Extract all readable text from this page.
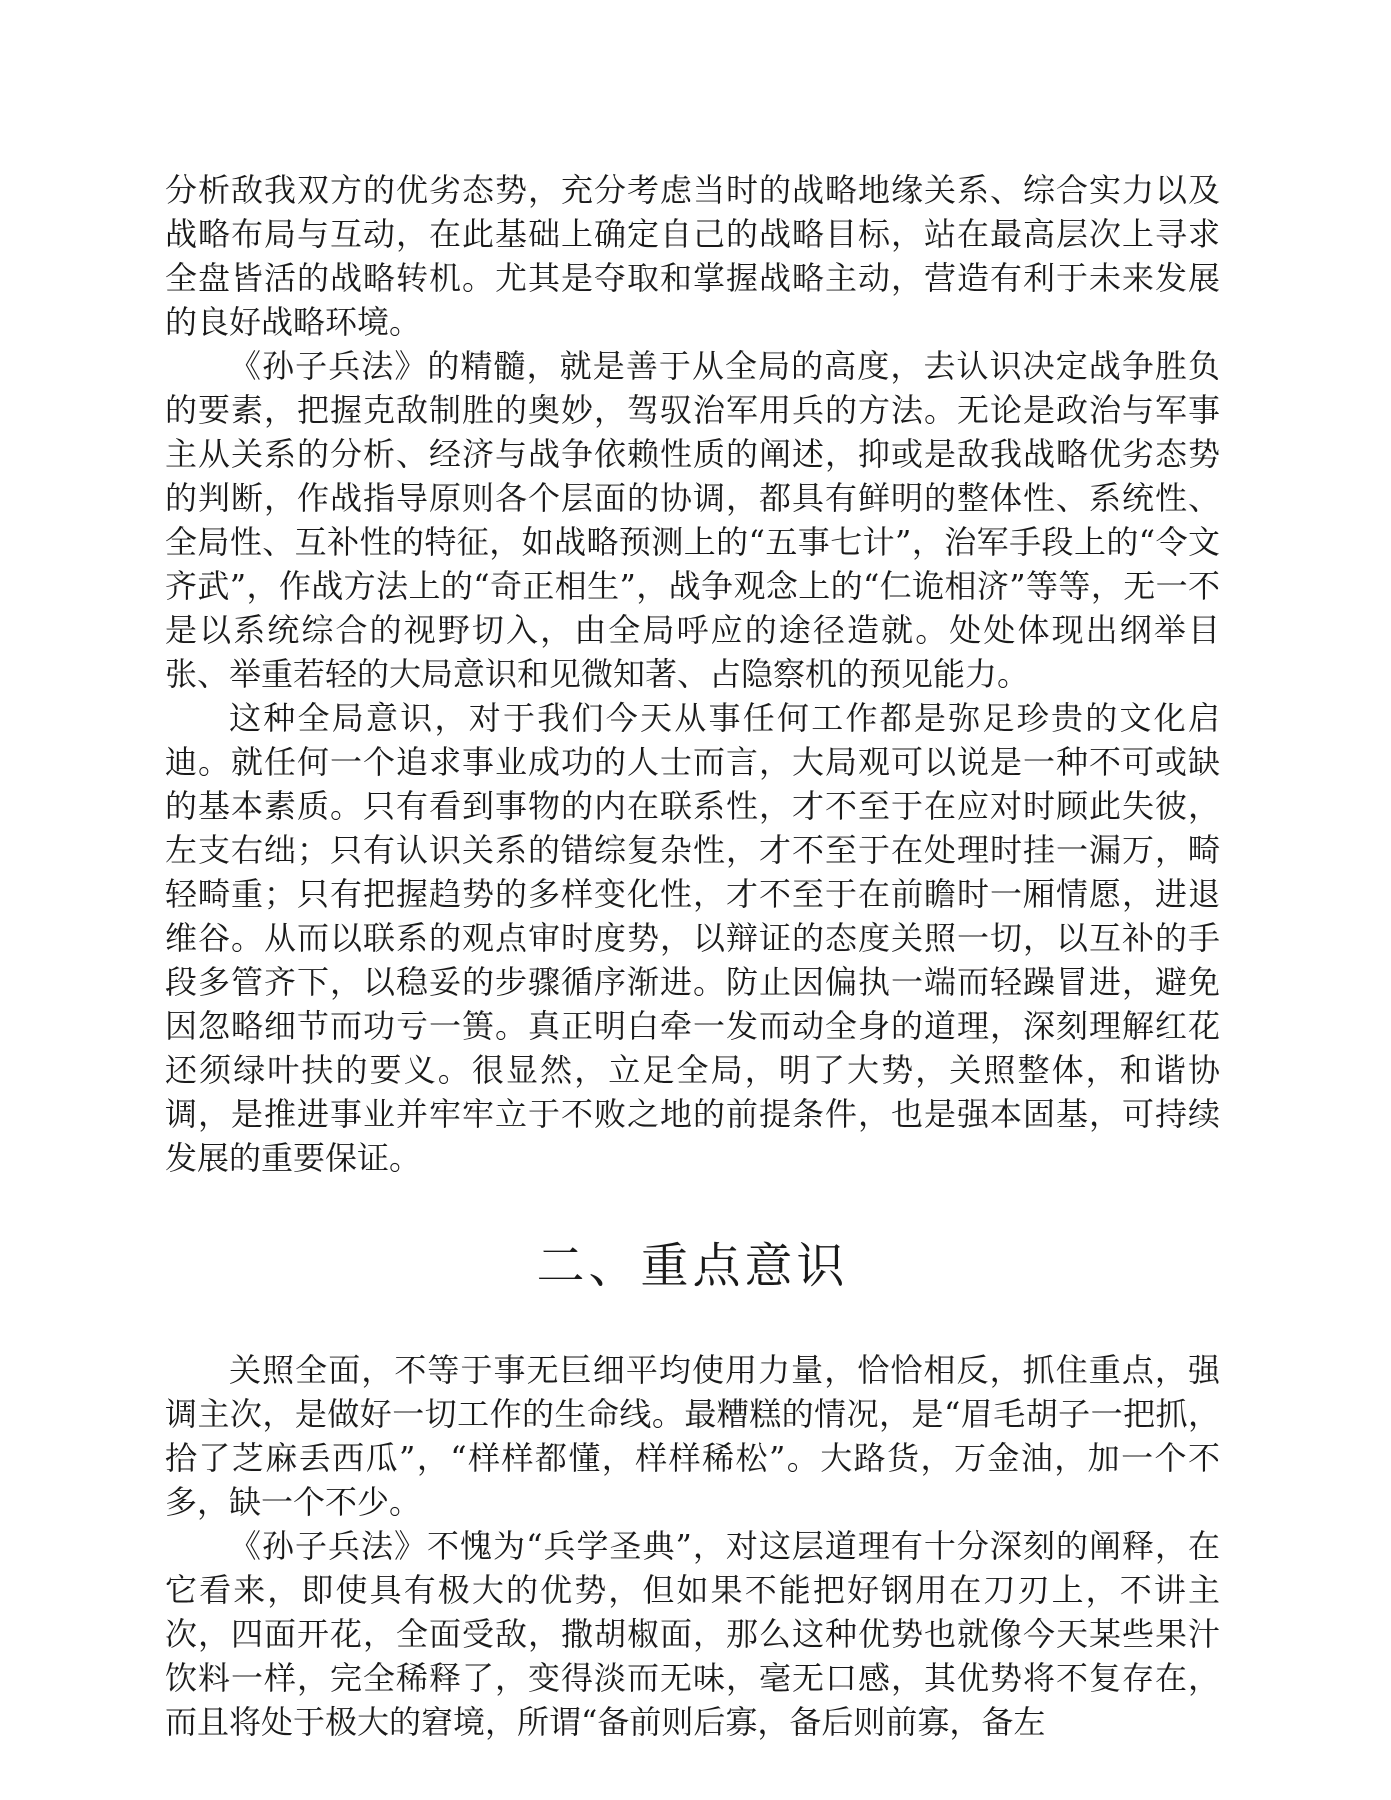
分析敌我双方的优劣态势，充分考虑当时的战略地缘关系、综合实力以及战略布局与互动，在此基础上确定自己的战略目标，站在最高层次上寻求全盘皆活的战略转机。尤其是夺取和掌握战略主动，营造有利于未来发展的良好战略环境。

《孙子兵法》的精髓，就是善于从全局的高度，去认识决定战争胜负的要素，把握克敌制胜的奥妙，驾驭治军用兵的方法。无论是政治与军事主从关系的分析、经济与战争依赖性质的阐述，抑或是敌我战略优劣态势的判断，作战指导原则各个层面的协调，都具有鲜明的整体性、系统性、全局性、互补性的特征，如战略预测上的“五事七计”，治军手段上的“令文齐武”，作战方法上的“奇正相生”，战争观念上的“仁诡相济”等等，无一不是以系统综合的视野切入，由全局呼应的途径造就。处处体现出纲举目张、举重若轻的大局意识和见微知著、占隐察机的预见能力。

这种全局意识，对于我们今天从事任何工作都是弥足珍贵的文化启迪。就任何一个追求事业成功的人士而言，大局观可以说是一种不可或缺的基本素质。只有看到事物的内在联系性，才不至于在应对时顾此失彼，左支右绌；只有认识关系的错综复杂性，才不至于在处理时挂一漏万，畸轻畸重；只有把握趋势的多样变化性，才不至于在前瞻时一厢情愿，进退维谷。从而以联系的观点审时度势，以辩证的态度关照一切，以互补的手段多管齐下，以稳妥的步骤循序渐进。防止因偏执一端而轻躁冒进，避免因忽略细节而功亏一篑。真正明白牵一发而动全身的道理，深刻理解红花还须绿叶扶的要义。很显然，立足全局，明了大势，关照整体，和谐协调，是推进事业并牢牢立于不败之地的前提条件，也是强本固基，可持续发展的重要保证。

二、重点意识

关照全面，不等于事无巨细平均使用力量，恰恰相反，抓住重点，强调主次，是做好一切工作的生命线。最糟糕的情况，是“眉毛胡子一把抓，拾了芝麻丢西瓜”，“样样都懂，样样稀松”。大路货，万金油，加一个不多，缺一个不少。

《孙子兵法》不愧为“兵学圣典”，对这层道理有十分深刻的阐释，在它看来，即使具有极大的优势，但如果不能把好钢用在刀刃上，不讲主次，四面开花，全面受敌，撒胡椒面，那么这种优势也就像今天某些果汁饮料一样，完全稀释了，变得淡而无味，毫无口感，其优势将不复存在，而且将处于极大的窘境，所谓“备前则后寡，备后则前寡，备左
